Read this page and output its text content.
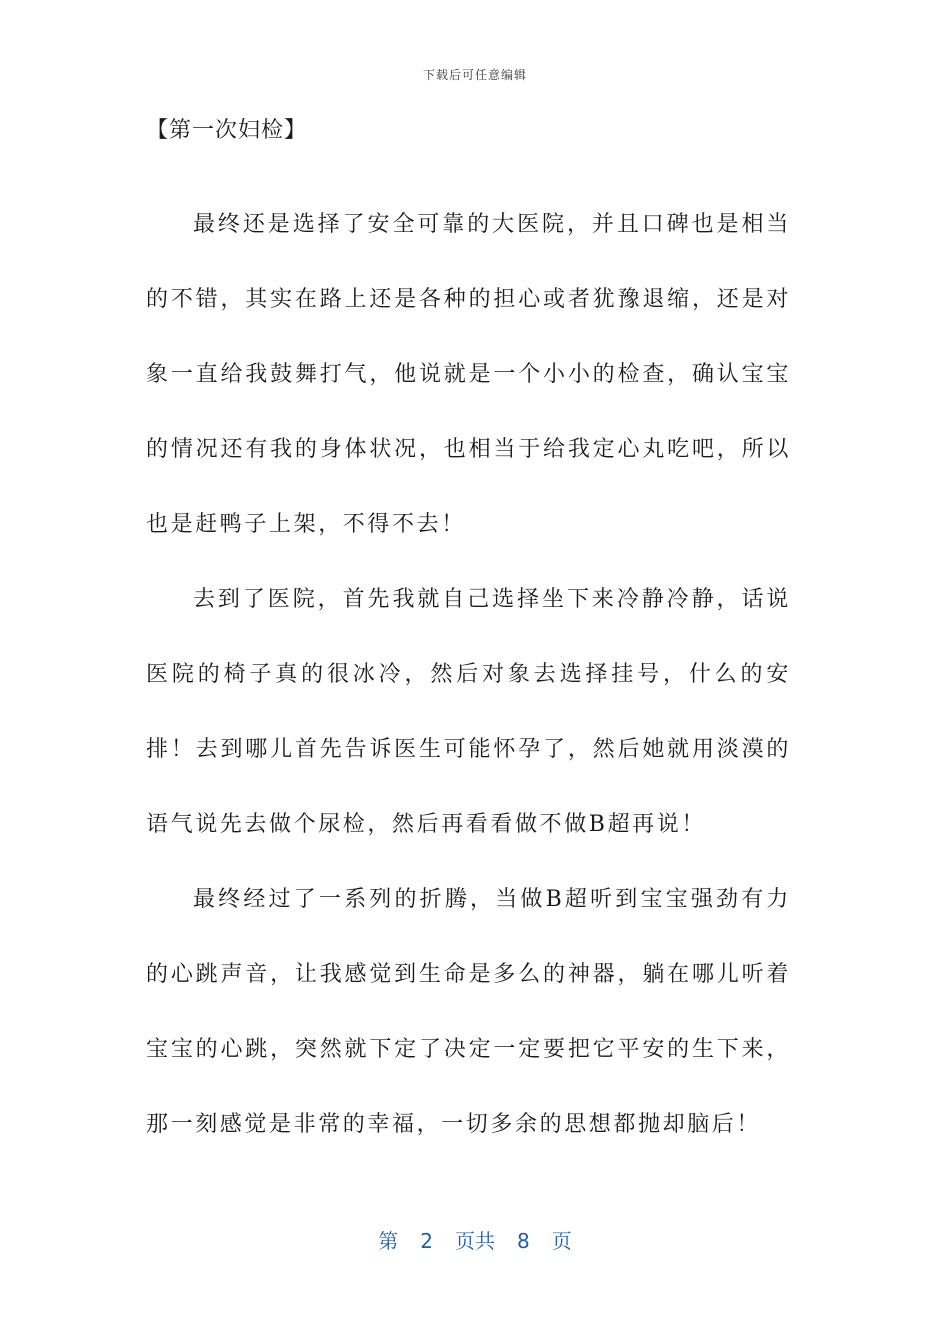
下载后可任意编辑
【第一次妇检】

最终还是选择了安全可靠的大医院，并且口碑也是相当的不错，其实在路上还是各种的担心或者犹豫退缩，还是对象一直给我鼓舞打气，他说就是一个小小的检查，确认宝宝的情况还有我的身体状况，也相当于给我定心丸吃吧，所以也是赶鸭子上架，不得不去！

去到了医院，首先我就自己选择坐下来冷静冷静，话说医院的椅子真的很冰冷，然后对象去选择挂号，什么的安排！去到哪儿首先告诉医生可能怀孕了，然后她就用淡漠的语气说先去做个尿检，然后再看看做不做B超再说！

最终经过了一系列的折腾，当做B超听到宝宝强劲有力的心跳声音，让我感觉到生命是多么的神器，躺在哪儿听着宝宝的心跳，突然就下定了决定一定要把它平安的生下来，那一刻感觉是非常的幸福，一切多余的思想都抛却脑后！

第 2 页共 8 页
